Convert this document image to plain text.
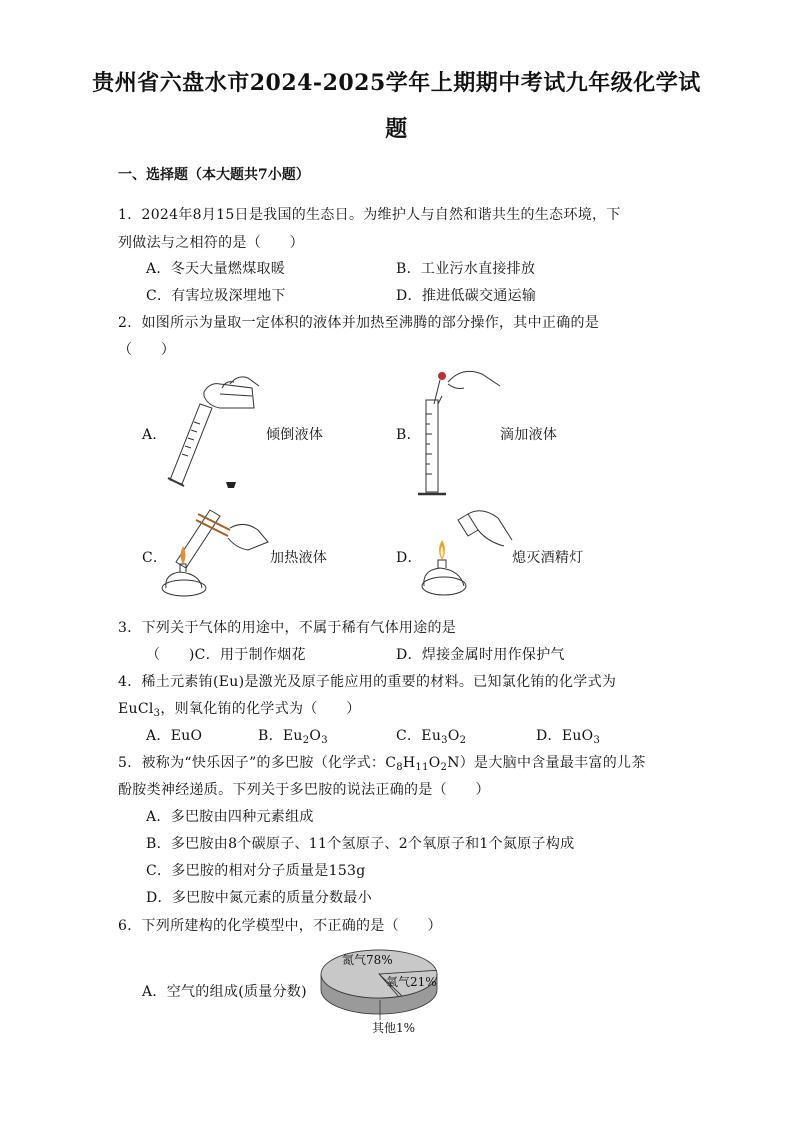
贵州省六盘水市2024-2025学年上期期中考试九年级化学试
题
一、选择题（本大题共7小题）
1．2024年8月15日是我国的生态日。为维护人与自然和谐共生的生态环境，下
列做法与之相符的是（　　）
A．冬天大量燃煤取暖	B．工业污水直接排放
C．有害垃圾深埋地下	D．推进低碳交通运输
2．如图所示为量取一定体积的液体并加热至沸腾的部分操作，其中正确的是
（　　）
A．	倾倒液体	B．	滴加液体
C．	加热液体	D．	熄灭酒精灯
3．下列关于气体的用途中，不属于稀有气体用途的是
（　　)C．用于制作烟花	D．焊接金属时用作保护气
4．稀土元素铕(Eu)是激光及原子能应用的重要的材料。已知氯化铕的化学式为
EuCl$_3$，则氧化铕的化学式为（　　）
A．EuO	B．$Eu_2O_3$	C．$Eu_3O_2$	D．EuO$_3$
5．被称为“快乐因子”的多巴胺（化学式：$C_8H_{11}O_2N$）是大脑中含量最丰富的儿茶
酚胺类神经递质。下列关于多巴胺的说法正确的是（　　）
A．多巴胺由四种元素组成
B．多巴胺由8个碳原子、11个氢原子、2个氧原子和1个氮原子构成
C．多巴胺的相对分子质量是153g
D．多巴胺中氮元素的质量分数最小
6．下列所建构的化学模型中，不正确的是（　　）
A．空气的组成(质量分数)
氮气78%
氧气21%
其他1%
